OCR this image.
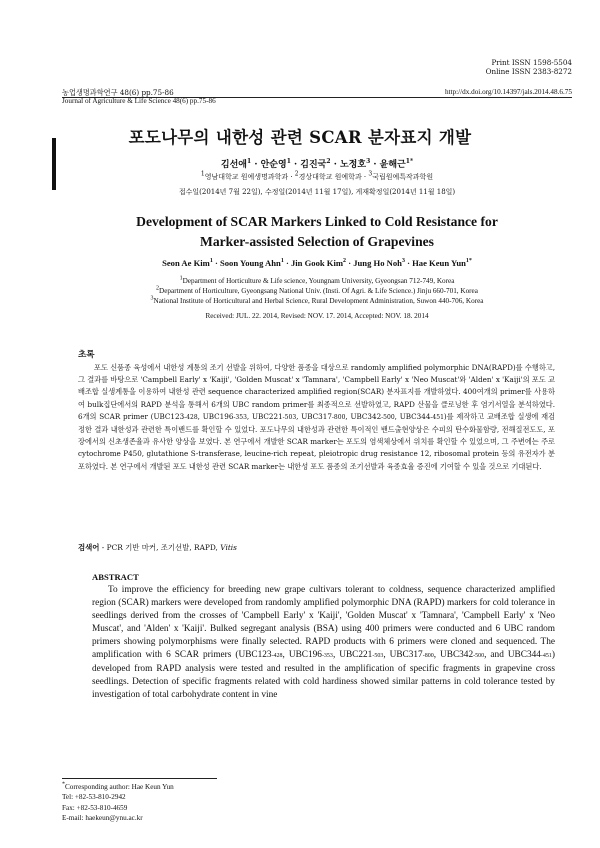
Print ISSN 1598-5504
Online ISSN 2383-8272
농업생명과학연구 48(6) pp.75-86
Journal of Agriculture & Life Science 48(6) pp.75-86
http://dx.doi.org/10.14397/jals.2014.48.6.75
포도나무의 내한성 관련 SCAR 분자표지 개발
김선애$^1$ · 안순영$^1$ · 김진국$^2$ · 노정호$^3$ · 윤해근$^{1*}$
1영남대학교 원예생명과학과 · 2경상대학교 원예학과 · 3국립원예특작과학원
접수일(2014년 7월 22일), 수정일(2014년 11월 17일), 게재확정일(2014년 11월 18일)
Development of SCAR Markers Linked to Cold Resistance for
Marker-assisted Selection of Grapevines
Seon Ae Kim$^1$ · Soon Young Ahn$^1$ · Jin Gook Kim$^2$ · Jung Ho Noh$^3$ · Hae Keun Yun$^{1*}$
$^1$Department of Horticulture & Life science, Youngnam University, Gyeongsan 712-749, Korea
$^2$Department of Horticulture, Gyeongsang National Univ. (Insti. Of Agri. & Life Science.) Jinju 660-701, Korea
$^3$National Institute of Horticultural and Herbal Science, Rural Development Administration, Suwon 440-706, Korea
Received: JUL. 22. 2014, Revised: NOV. 17. 2014, Accepted: NOV. 18. 2014
초록
포도 신품종 육성에서 내한성 계통의 조기 선발을 위하여, 다양한 품종을 대상으로 randomly amplified polymorphic DNA(RAPD)를 수행하고, 그 결과를 바탕으로 'Campbell Early' x 'Kaiji', 'Golden Muscat' x 'Tamnara', 'Campbell Early' x 'Neo Muscat'와 'Alden' x 'Kaiji'의 포도 교배조합 실생계통을 이용하여 내한성 관련 sequence characterized amplified region(SCAR) 분자표지를 개발하였다. 400여개의 primer를 사용하여 bulk집단에서의 RAPD 분석을 통해서 6개의 UBC random primer를 최종적으로 선발하였고, RAPD 산물을 클로닝한 후 염기서열을 분석하였다. 6개의 SCAR primer (UBC123-428, UBC196-353, UBC221-503, UBC317-800, UBC342-500, UBC344-451)를 제작하고 교배조합 실생에 재검정한 결과 내한성과 관련한 특이밴드를 확인할 수 있었다. 포도나무의 내한성과 관련한 특이적인 밴드출현양상은 수피의 탄수화물함량, 전해질전도도, 포장에서의 신초생존율과 유사한 양상을 보였다. 본 연구에서 개발한 SCAR marker는 포도의 염색체상에서 위치를 확인할 수 있었으며, 그 주변에는 주로 cytochrome P450, glutathione S-transferase, leucine-rich repeat, pleiotropic drug resistance 12, ribosomal protein 등의 유전자가 분포하였다. 본 연구에서 개발된 포도 내한성 관련 SCAR marker는 내한성 포도 품종의 조기선발과 육종효율 증진에 기여할 수 있을 것으로 기대된다.
검색어 - PCR 기반 마커, 조기선발, RAPD, Vitis
ABSTRACT
To improve the efficiency for breeding new grape cultivars tolerant to coldness, sequence characterized amplified region (SCAR) markers were developed from randomly amplified polymorphic DNA (RAPD) markers for cold tolerance in seedlings derived from the crosses of 'Campbell Early' x 'Kaiji', 'Golden Muscat' x 'Tamnara', 'Campbell Early' x 'Neo Muscat', and 'Alden' x 'Kaiji'. Bulked segregant analysis (BSA) using 400 primers were conducted and 6 UBC random primers showing polymorphisms were finally selected. RAPD products with 6 primers were cloned and sequenced. The amplification with 6 SCAR primers (UBC123-428, UBC196-353, UBC221-503, UBC317-800, UBC342-500, and UBC344-451) developed from RAPD analysis were tested and resulted in the amplification of specific fragments in grapevine cross seedlings. Detection of specific fragments related with cold hardiness showed similar patterns in cold tolerance tested by investigation of total carbohydrate content in vine
*Corresponding author: Hae Keun Yun
Tel: +82-53-810-2942
Fax: +82-53-810-4659
E-mail: haekeun@ynu.ac.kr
